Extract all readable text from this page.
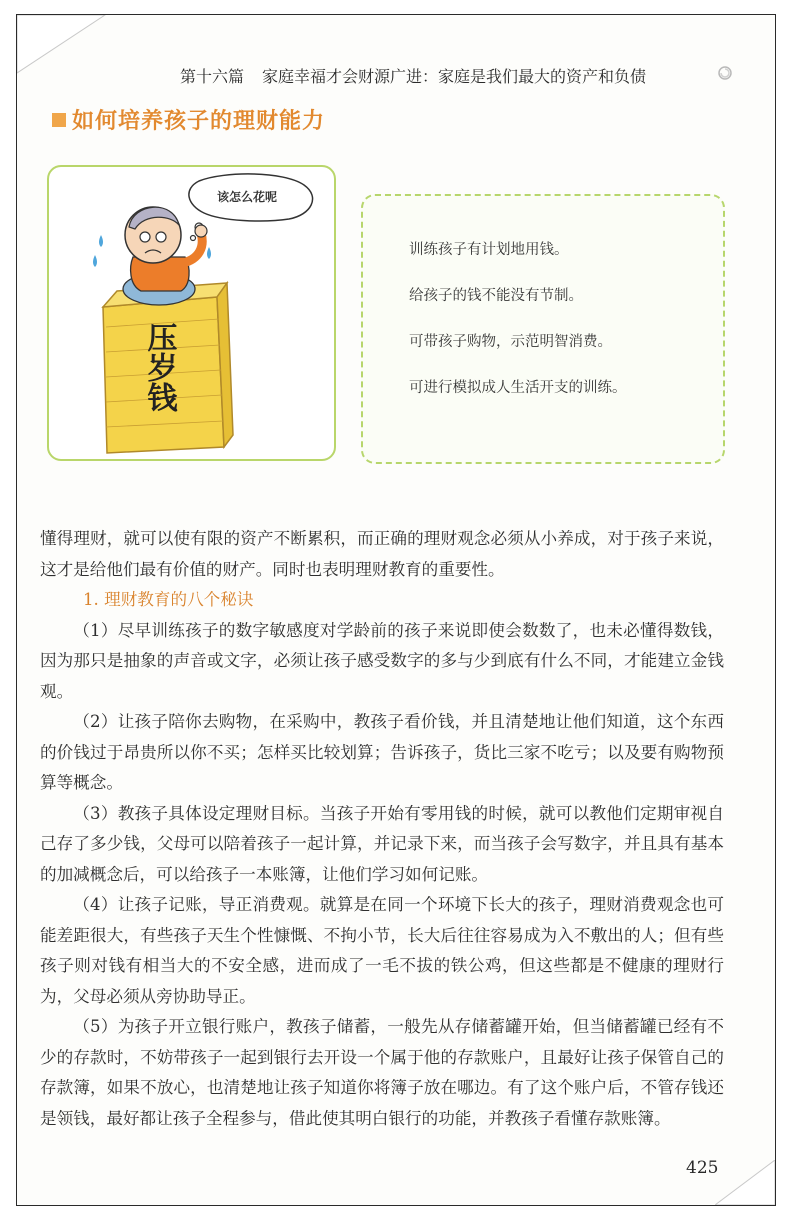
第十六篇 家庭幸福才会财源广进：家庭是我们最大的资产和负债
如何培养孩子的理财能力
该怎么花呢
压岁钱
训练孩子有计划地用钱。
给孩子的钱不能没有节制。
可带孩子购物，示范明智消费。
可进行模拟成人生活开支的训练。

懂得理财，就可以使有限的资产不断累积，而正确的理财观念必须从小养成，对于孩子来说，这才是给他们最有价值的财产。同时也表明理财教育的重要性。

1. 理财教育的八个秘诀

（1）尽早训练孩子的数字敏感度对学龄前的孩子来说即使会数数了，也未必懂得数钱，因为那只是抽象的声音或文字，必须让孩子感受数字的多与少到底有什么不同，才能建立金钱观。

（2）让孩子陪你去购物，在采购中，教孩子看价钱，并且清楚地让他们知道，这个东西的价钱过于昂贵所以你不买；怎样买比较划算；告诉孩子，货比三家不吃亏；以及要有购物预算等概念。

（3）教孩子具体设定理财目标。当孩子开始有零用钱的时候，就可以教他们定期审视自己存了多少钱，父母可以陪着孩子一起计算，并记录下来，而当孩子会写数字，并且具有基本的加减概念后，可以给孩子一本账簿，让他们学习如何记账。

（4）让孩子记账，导正消费观。就算是在同一个环境下长大的孩子，理财消费观念也可能差距很大，有些孩子天生个性慷慨、不拘小节，长大后往往容易成为入不敷出的人；但有些孩子则对钱有相当大的不安全感，进而成了一毛不拔的铁公鸡，但这些都是不健康的理财行为，父母必须从旁协助导正。

（5）为孩子开立银行账户，教孩子储蓄，一般先从存储蓄罐开始，但当储蓄罐已经有不少的存款时，不妨带孩子一起到银行去开设一个属于他的存款账户，且最好让孩子保管自己的存款簿，如果不放心，也清楚地让孩子知道你将簿子放在哪边。有了这个账户后，不管存钱还是领钱，最好都让孩子全程参与，借此使其明白银行的功能，并教孩子看懂存款账簿。

425
